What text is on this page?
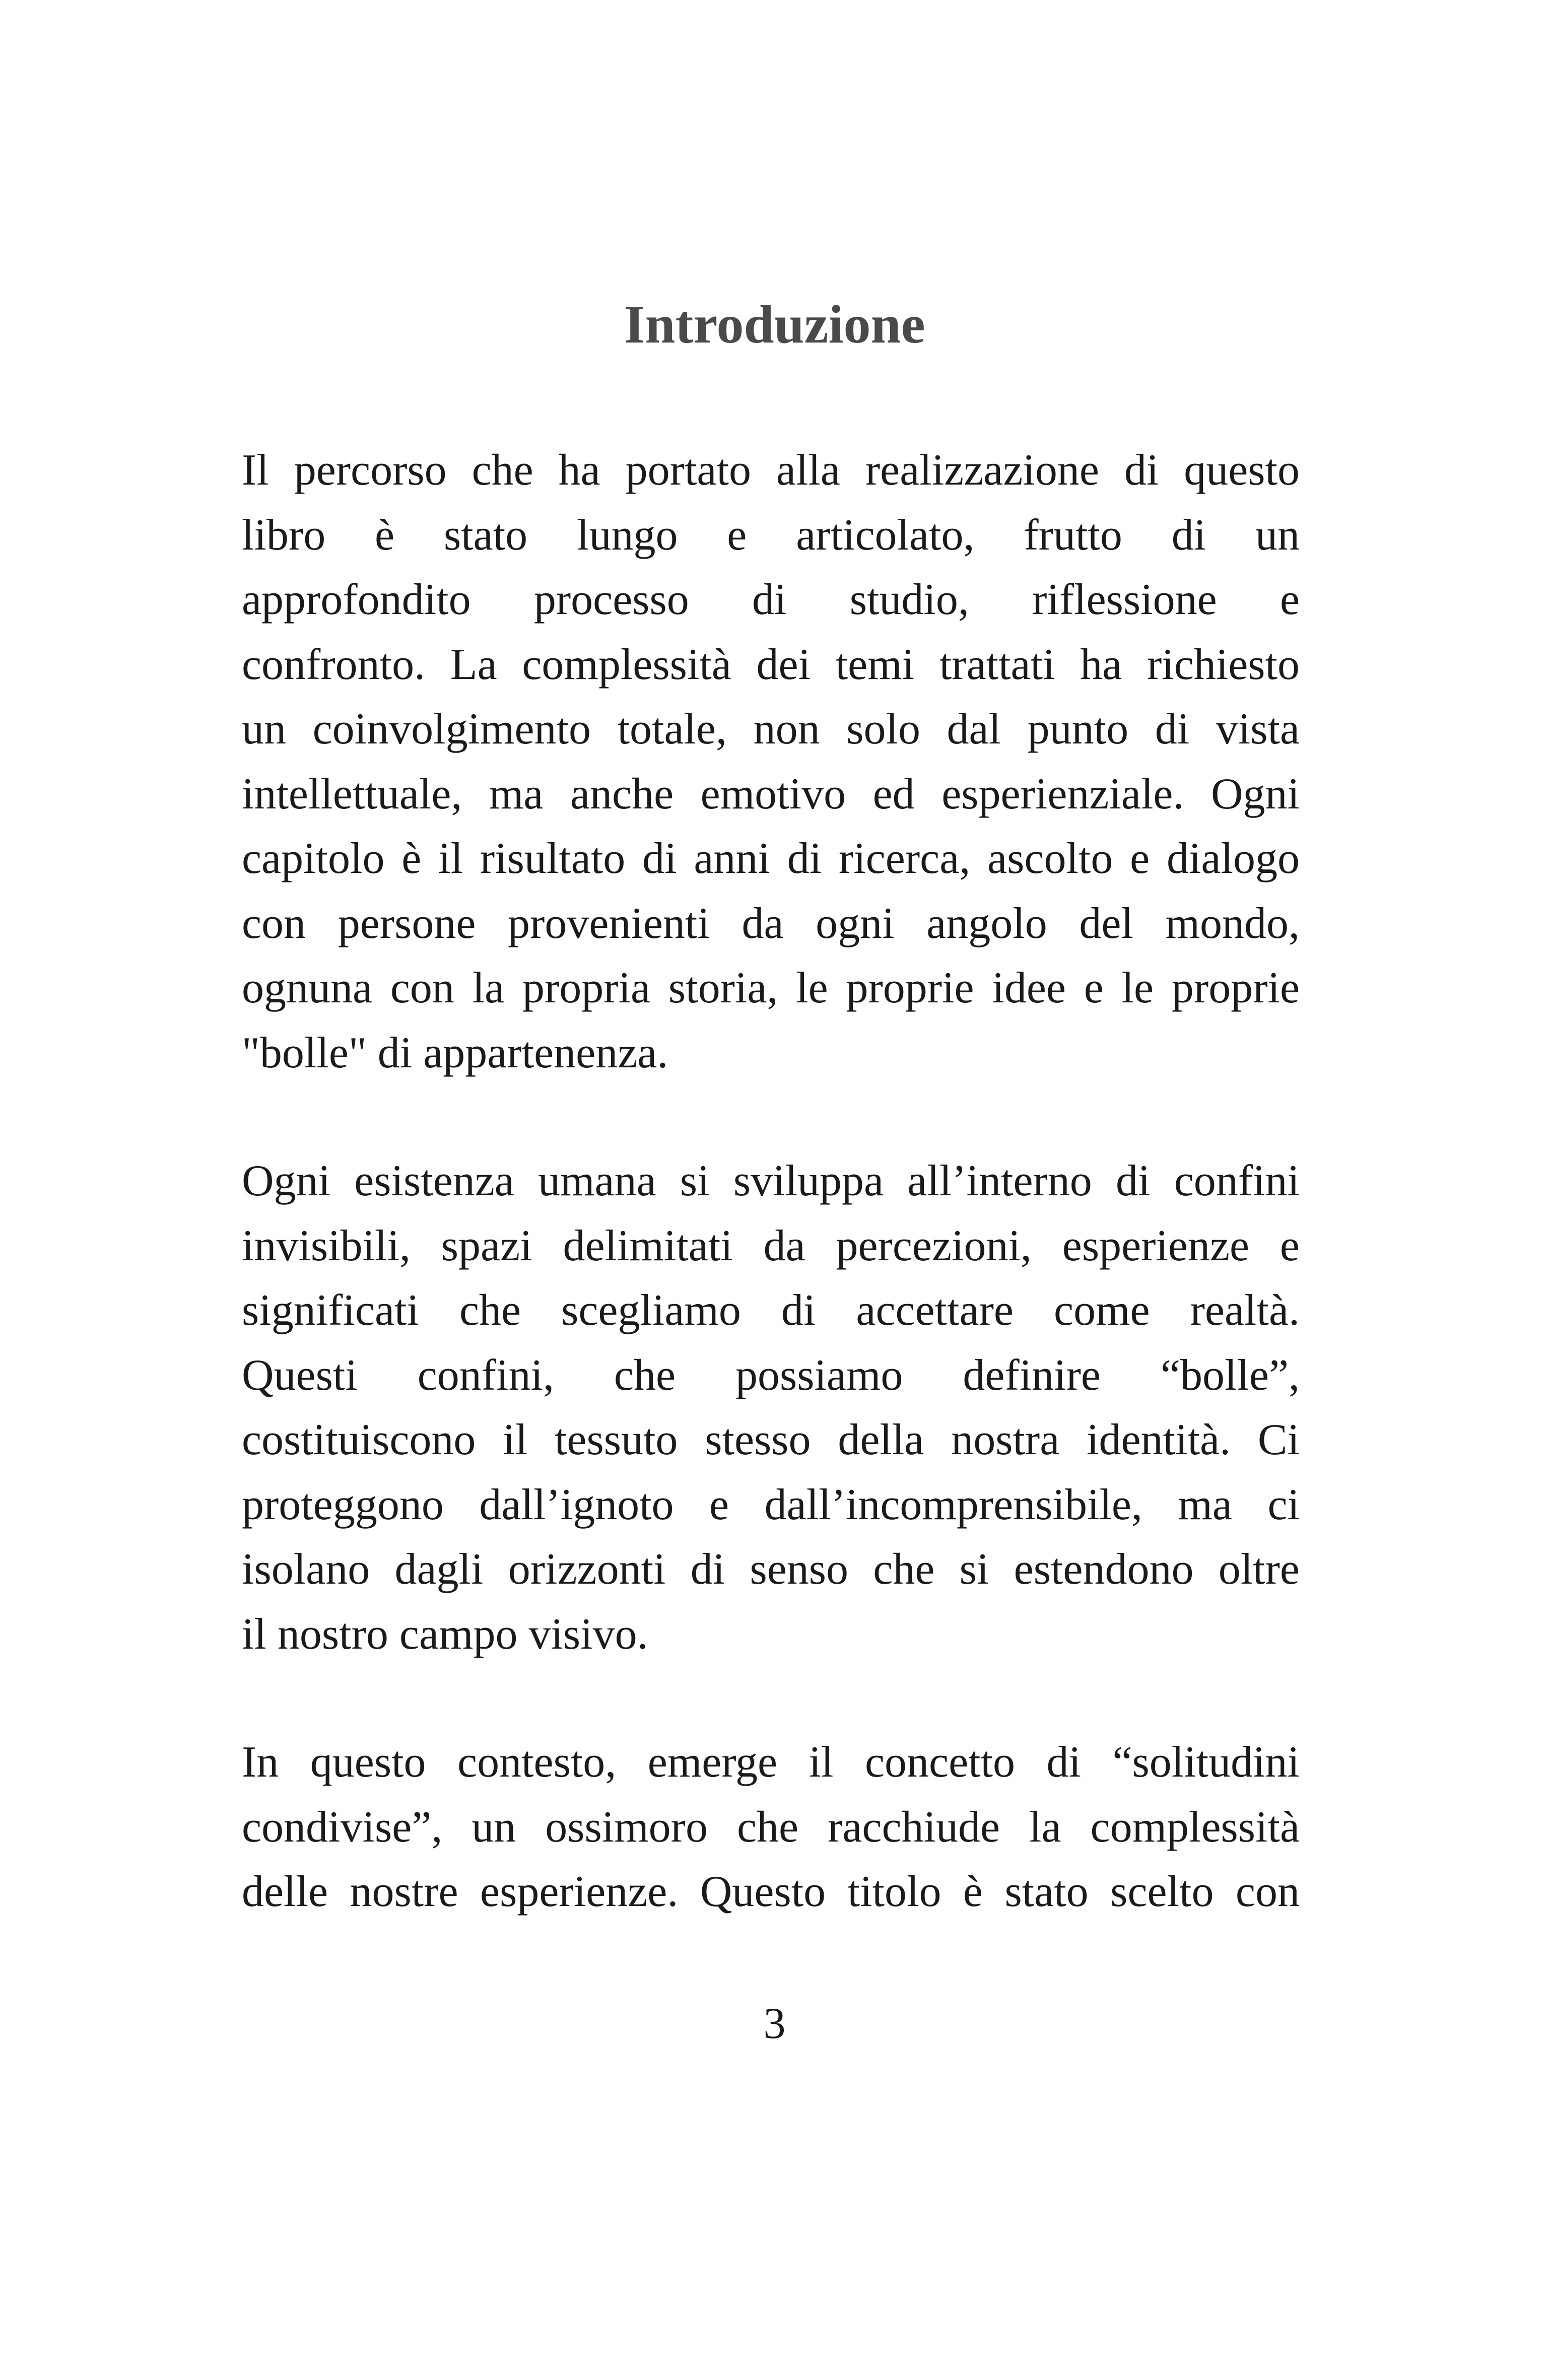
Introduzione

Il percorso che ha portato alla realizzazione di questo
libro è stato lungo e articolato, frutto di un
approfondito processo di studio, riflessione e
confronto. La complessità dei temi trattati ha richiesto
un coinvolgimento totale, non solo dal punto di vista
intellettuale, ma anche emotivo ed esperienziale. Ogni
capitolo è il risultato di anni di ricerca, ascolto e dialogo
con persone provenienti da ogni angolo del mondo,
ognuna con la propria storia, le proprie idee e le proprie
"bolle" di appartenenza.

Ogni esistenza umana si sviluppa all’interno di confini
invisibili, spazi delimitati da percezioni, esperienze e
significati che scegliamo di accettare come realtà.
Questi confini, che possiamo definire “bolle”,
costituiscono il tessuto stesso della nostra identità. Ci
proteggono dall’ignoto e dall’incomprensibile, ma ci
isolano dagli orizzonti di senso che si estendono oltre
il nostro campo visivo.

In questo contesto, emerge il concetto di “solitudini
condivise”, un ossimoro che racchiude la complessità
delle nostre esperienze. Questo titolo è stato scelto con

3
